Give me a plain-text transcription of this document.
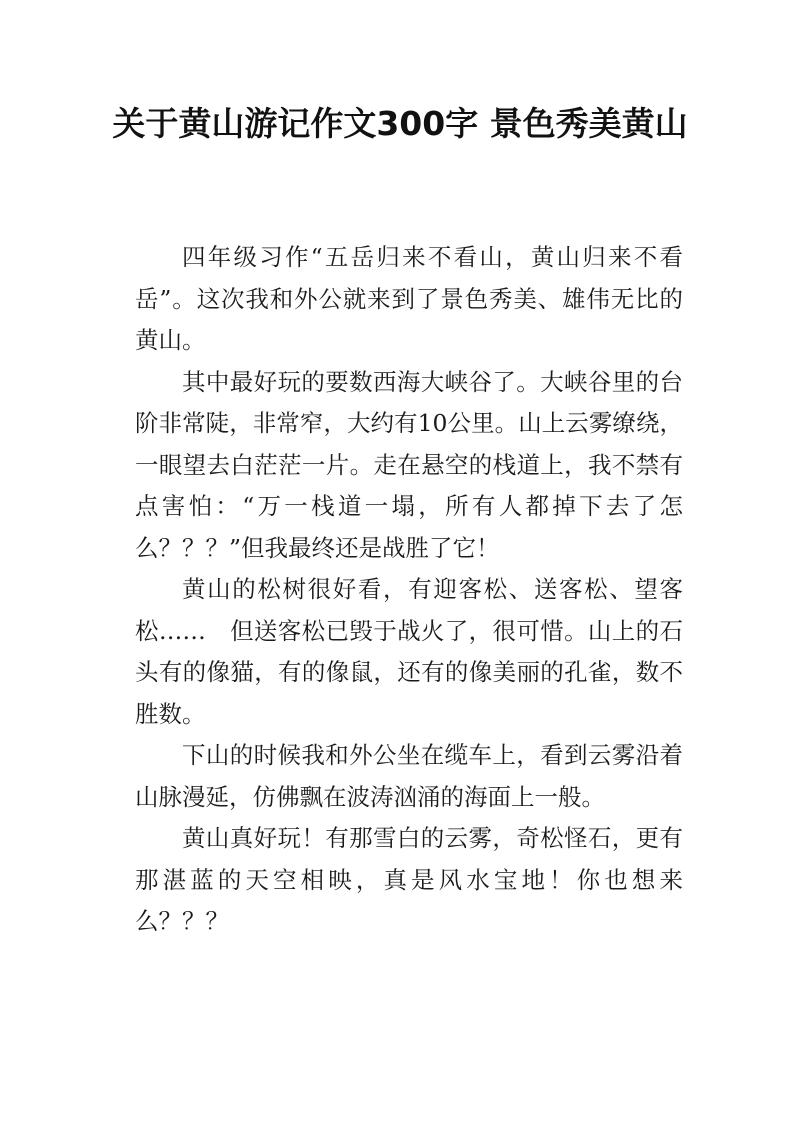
关于黄山游记作文300字 景色秀美黄山

四年级习作“五岳归来不看山，黄山归来不看岳”。这次我和外公就来到了景色秀美、雄伟无比的黄山。

其中最好玩的要数西海大峡谷了。大峡谷里的台阶非常陡，非常窄，大约有10公里。山上云雾缭绕，一眼望去白茫茫一片。走在悬空的栈道上，我不禁有点害怕：“万一栈道一塌，所有人都掉下去了怎么？？？”但我最终还是战胜了它！

黄山的松树很好看，有迎客松、送客松、望客松……　但送客松已毁于战火了，很可惜。山上的石头有的像猫，有的像鼠，还有的像美丽的孔雀，数不胜数。

下山的时候我和外公坐在缆车上，看到云雾沿着山脉漫延，仿佛飘在波涛汹涌的海面上一般。

黄山真好玩！有那雪白的云雾，奇松怪石，更有那湛蓝的天空相映，真是风水宝地！你也想来么？？？
